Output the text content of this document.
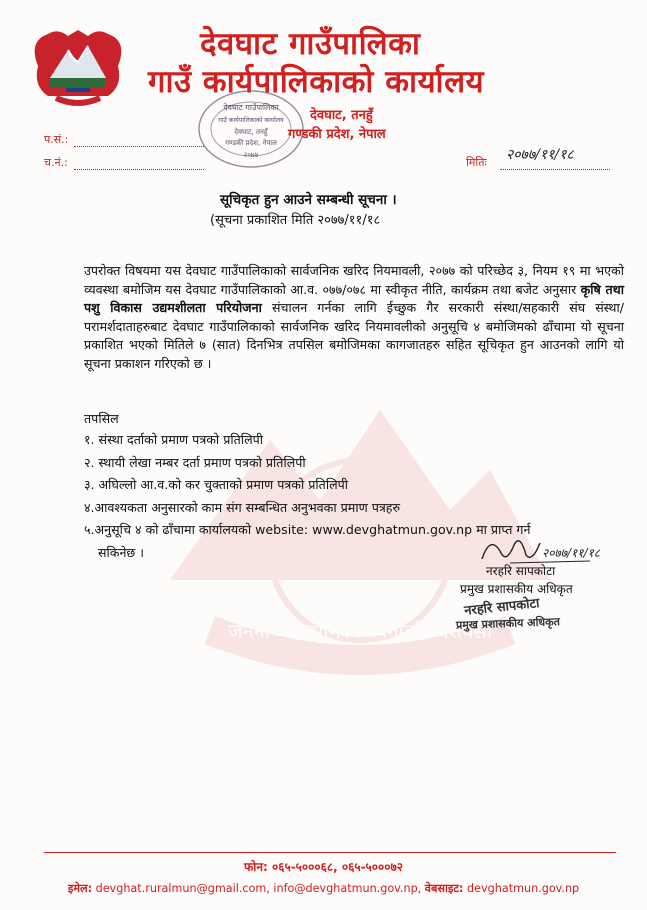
जननी जन्मभूमिश्च स्वर्गादपि गरीयसी
देवघाट गाउँपालिका
गाउँ कार्यपालिकाको कार्यालय
देवघाट गाउँपालिका
गाउँ कार्यपालिकाको कार्यालय
देवघाट, तनहुँ
गण्डकी प्रदेश, नेपाल
२०७४
देवघाट, तनहुँ
गण्डकी प्रदेश, नेपाल
प.सं.:
च.नं.:	मितिः २०७७/११/१८
सूचिकृत हुन आउने सम्बन्धी सूचना ।
(सूचना प्रकाशित मिति २०७७/११/१८
उपरोक्त विषयमा यस देवघाट गाउँपालिकाको सार्वजनिक खरिद नियमावली, २०७७ को परिच्छेद ३, नियम १९ मा भएको व्यवस्था बमोजिम यस देवघाट गाउँपालिकाको आ.व. ०७७/०७८ मा स्वीकृत नीति, कार्यक्रम तथा बजेट अनुसार कृषि तथा पशु विकास उद्यमशीलता परियोजना संचालन गर्नका लागि ईच्छुक गैर सरकारी संस्था/सहकारी संघ संस्था/ परामर्शदाताहरुबाट देवघाट गाउँपालिकाको सार्वजनिक खरिद नियमावलीको अनुसूचि ४ बमोजिमको ढाँचामा यो सूचना प्रकाशित भएको मितिले ७ (सात) दिनभित्र तपसिल बमोजिमका कागजातहरु सहित सूचिकृत हुन आउनको लागि यो सूचना प्रकाशन गरिएको छ ।
तपसिल
१. संस्था दर्ताको प्रमाण पत्रको प्रतिलिपी
२. स्थायी लेखा नम्बर दर्ता प्रमाण पत्रको प्रतिलिपी
३. अघिल्लो आ.व.को कर चुक्ताको प्रमाण पत्रको प्रतिलिपी
४.आवश्यकता अनुसारको काम संग सम्बन्धित अनुभवका प्रमाण पत्रहरु
५.अनुसूचि ४ को ढाँचामा कार्यालयको website: www.devghatmun.gov.np मा प्राप्त गर्न
सकिनेछ ।	२०७७/११/१८
नरहरि सापकोटा
प्रमुख प्रशासकीय अधिकृत
नरहरि सापकोटा
प्रमुख प्रशासकीय अधिकृत
फोन: ०६५-५०००६८, ०६५-५०००७२
इमेल: devghat.ruralmun@gmail.com, info@devghatmun.gov.np, वेबसाइट: devghatmun.gov.np
